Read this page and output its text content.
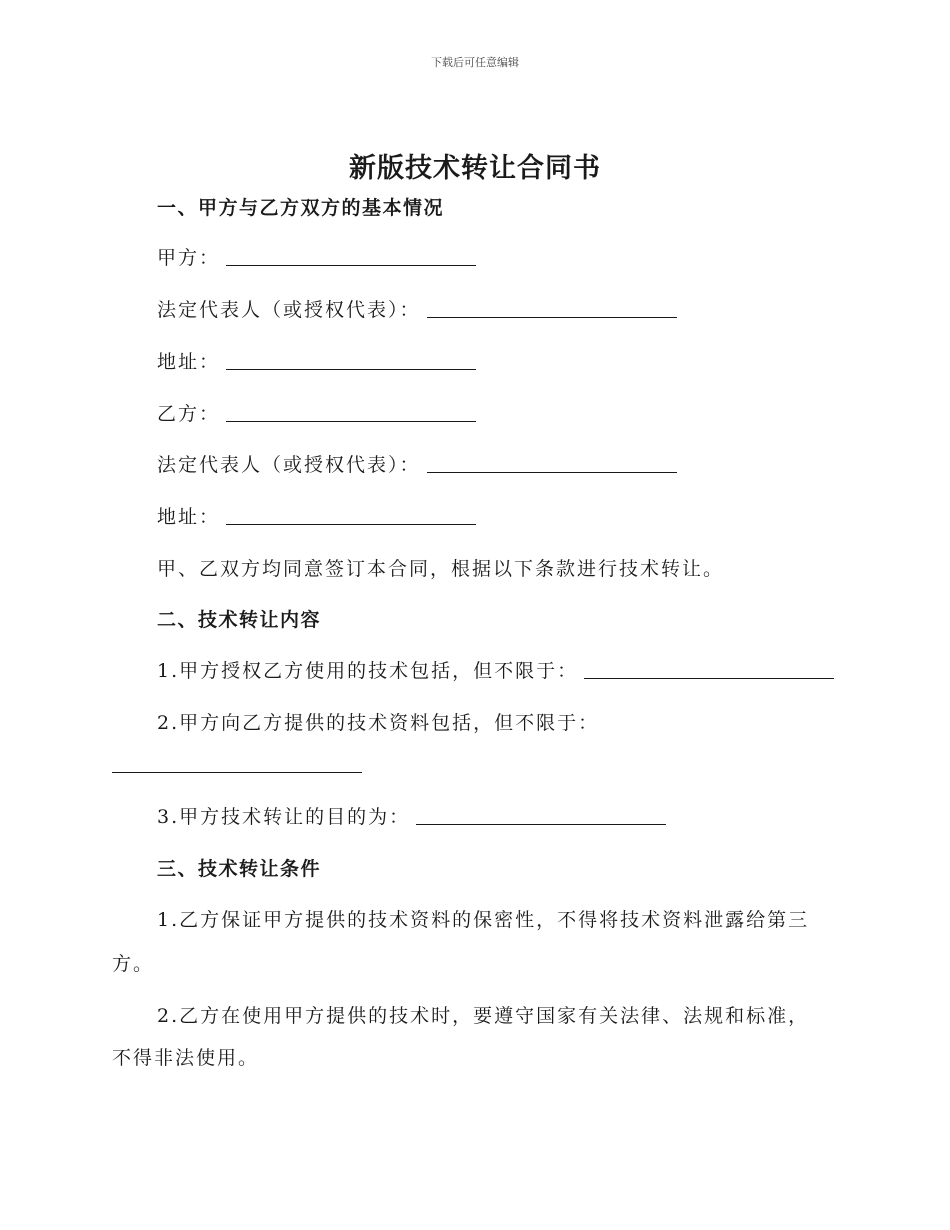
下载后可任意编辑
新版技术转让合同书
一、甲方与乙方双方的基本情况
甲方：
法定代表人（或授权代表）：
地址：
乙方：
法定代表人（或授权代表）：
地址：
甲、乙双方均同意签订本合同，根据以下条款进行技术转让。
二、技术转让内容
1.甲方授权乙方使用的技术包括，但不限于：
2.甲方向乙方提供的技术资料包括，但不限于：
3.甲方技术转让的目的为：
三、技术转让条件
1.乙方保证甲方提供的技术资料的保密性，不得将技术资料泄露给第三
方。
2.乙方在使用甲方提供的技术时，要遵守国家有关法律、法规和标准，
不得非法使用。
